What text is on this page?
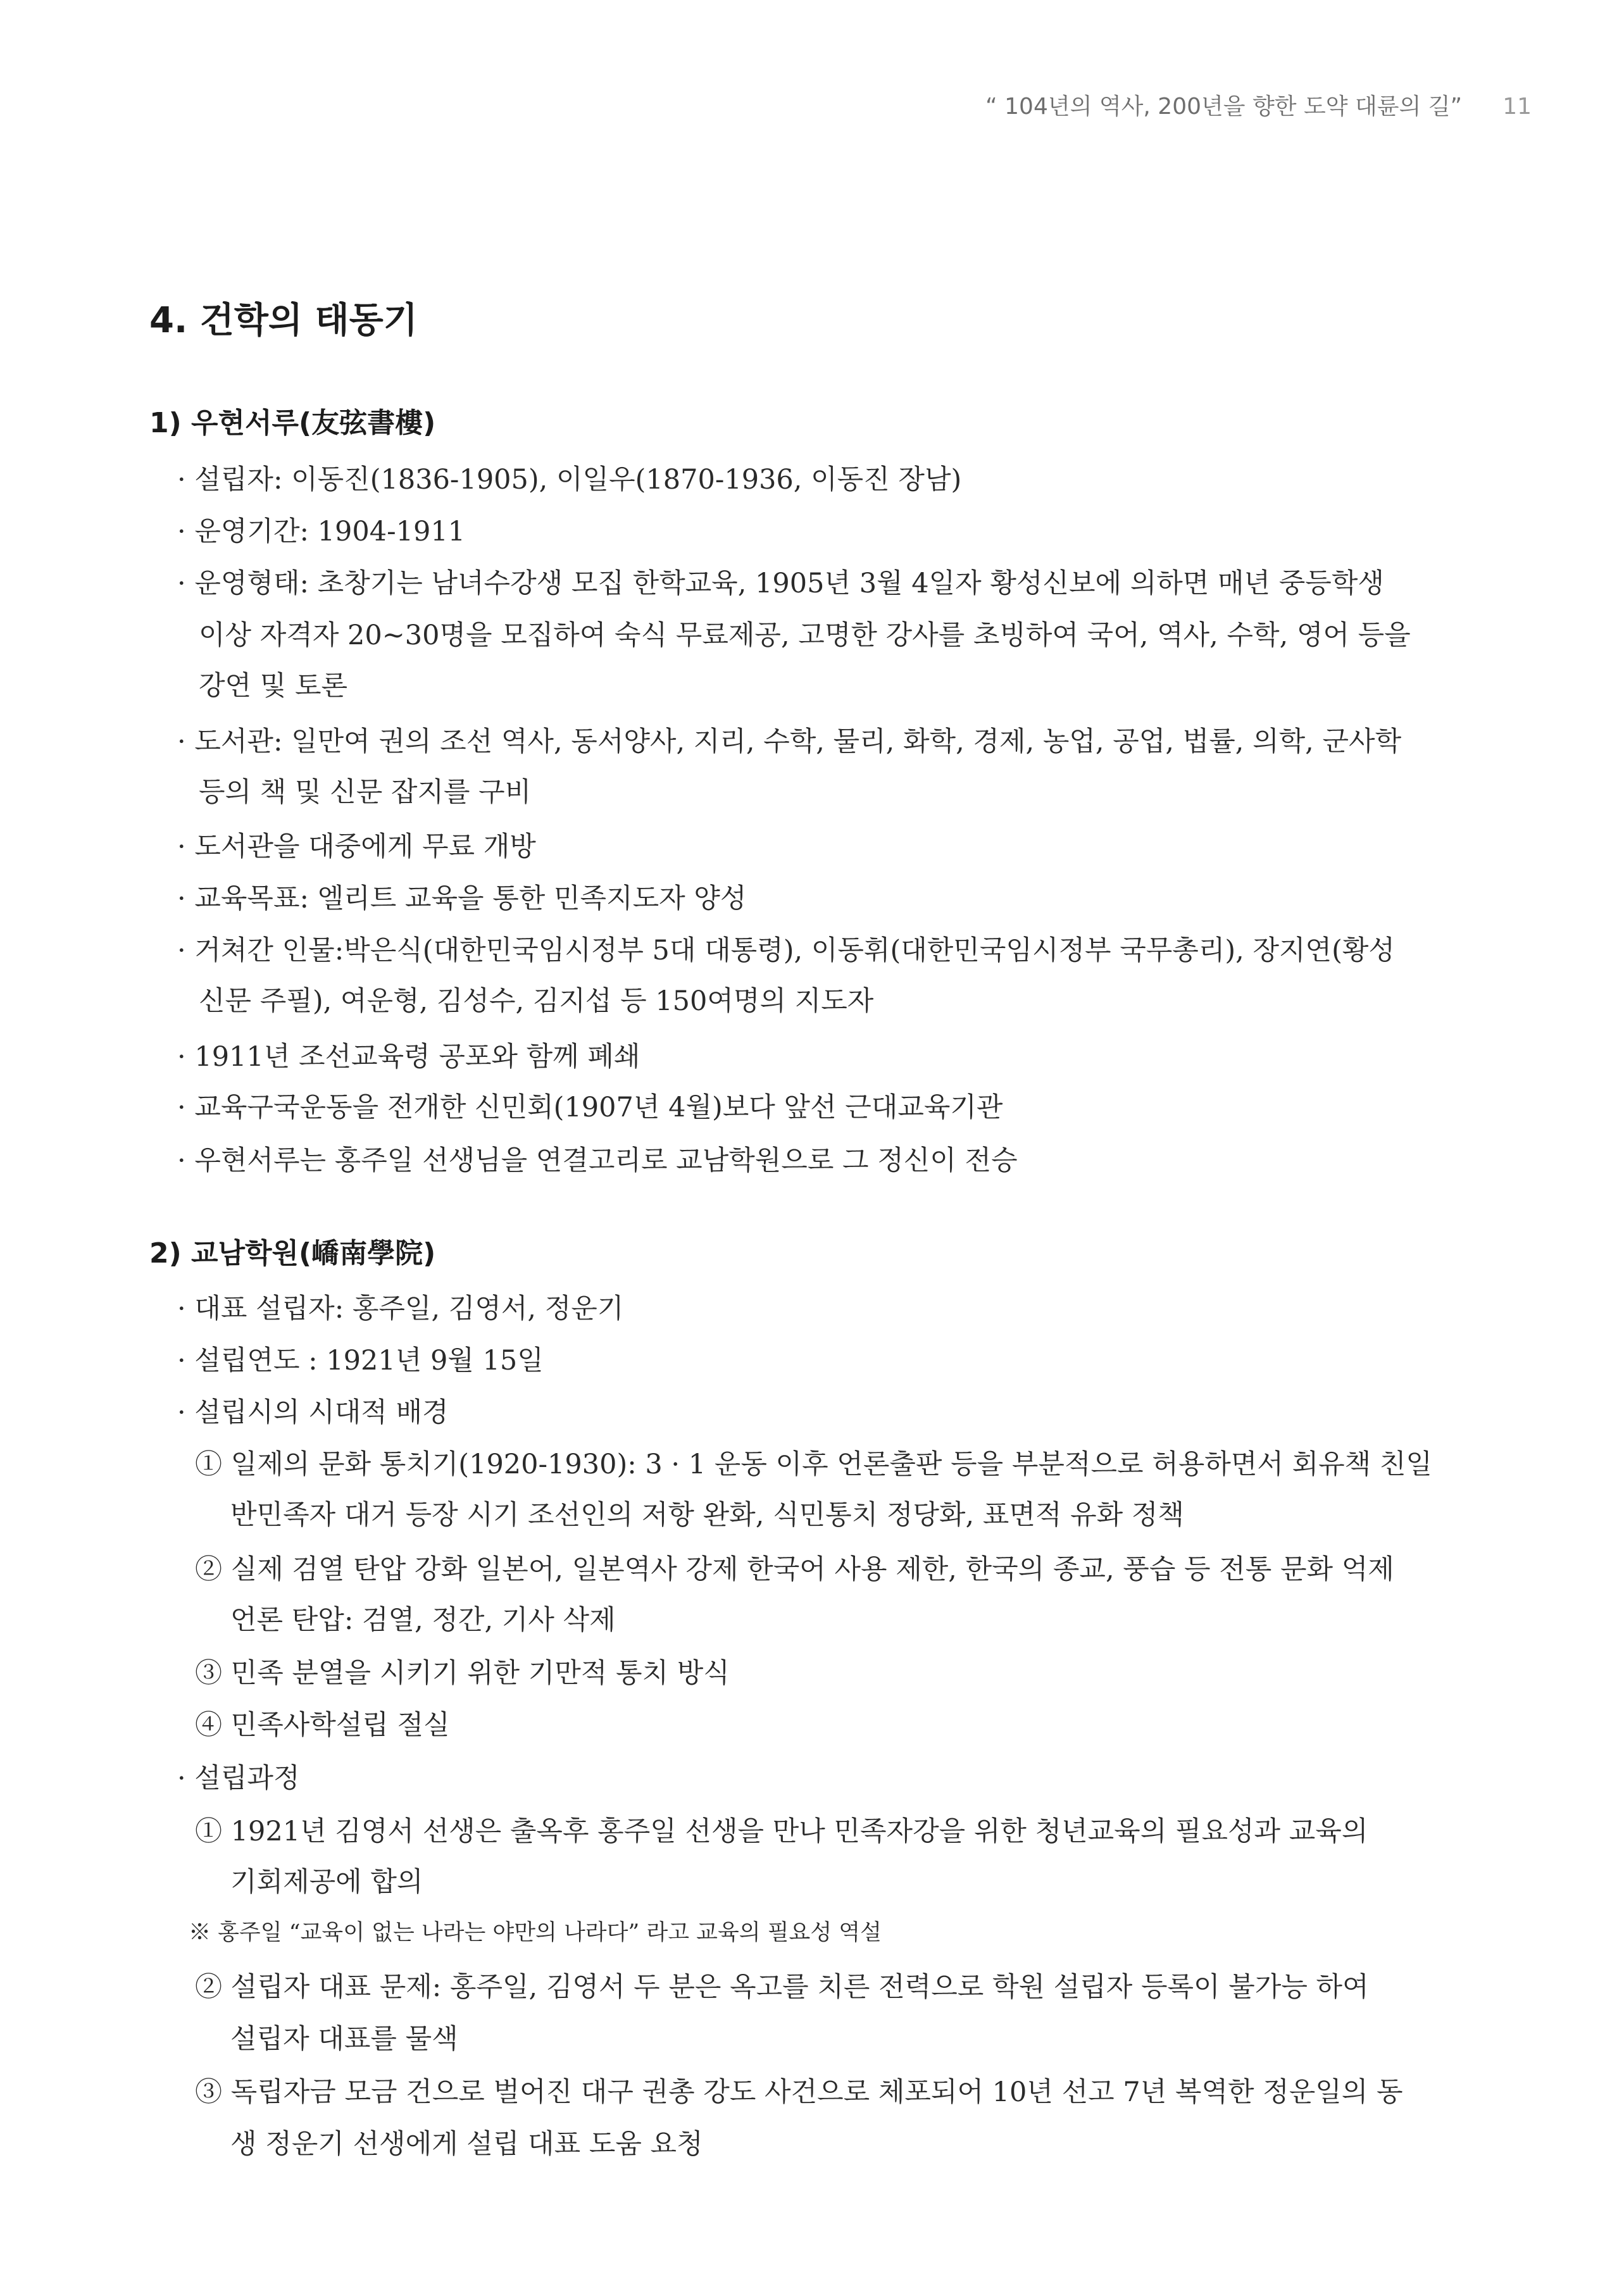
“ 104년의 역사, 200년을 향한 도약 대륜의 길” 11
4. 건학의 태동기
1) 우현서루(友弦書樓)

· 설립자: 이동진(1836-1905), 이일우(1870-1936, 이동진 장남)

· 운영기간: 1904-1911

· 운영형태: 초창기는 남녀수강생 모집 한학교육, 1905년 3월 4일자 황성신보에 의하면 매년 중등학생

이상 자격자 20~30명을 모집하여 숙식 무료제공, 고명한 강사를 초빙하여 국어, 역사, 수학, 영어 등을

강연 및 토론

· 도서관: 일만여 권의 조선 역사, 동서양사, 지리, 수학, 물리, 화학, 경제, 농업, 공업, 법률, 의학, 군사학

등의 책 및 신문 잡지를 구비

· 도서관을 대중에게 무료 개방

· 교육목표: 엘리트 교육을 통한 민족지도자 양성

· 거쳐간 인물:박은식(대한민국임시정부 5대 대통령), 이동휘(대한민국임시정부 국무총리), 장지연(황성

신문 주필), 여운형, 김성수, 김지섭 등 150여명의 지도자

· 1911년 조선교육령 공포와 함께 폐쇄

· 교육구국운동을 전개한 신민회(1907년 4월)보다 앞선 근대교육기관

· 우현서루는 홍주일 선생님을 연결고리로 교남학원으로 그 정신이 전승

2) 교남학원(嶠南學院)

· 대표 설립자: 홍주일, 김영서, 정운기

· 설립연도 : 1921년 9월 15일

· 설립시의 시대적 배경

① 일제의 문화 통치기(1920-1930): 3 · 1 운동 이후 언론출판 등을 부분적으로 허용하면서 회유책 친일

반민족자 대거 등장 시기 조선인의 저항 완화, 식민통치 정당화, 표면적 유화 정책

② 실제 검열 탄압 강화 일본어, 일본역사 강제 한국어 사용 제한, 한국의 종교, 풍습 등 전통 문화 억제

언론 탄압: 검열, 정간, 기사 삭제

③ 민족 분열을 시키기 위한 기만적 통치 방식

④ 민족사학설립 절실

· 설립과정

① 1921년 김영서 선생은 출옥후 홍주일 선생을 만나 민족자강을 위한 청년교육의 필요성과 교육의

기회제공에 합의

※ 홍주일 “교육이 없는 나라는 야만의 나라다” 라고 교육의 필요성 역설

② 설립자 대표 문제: 홍주일, 김영서 두 분은 옥고를 치른 전력으로 학원 설립자 등록이 불가능 하여

설립자 대표를 물색

③ 독립자금 모금 건으로 벌어진 대구 권총 강도 사건으로 체포되어 10년 선고 7년 복역한 정운일의 동

생 정운기 선생에게 설립 대표 도움 요청
